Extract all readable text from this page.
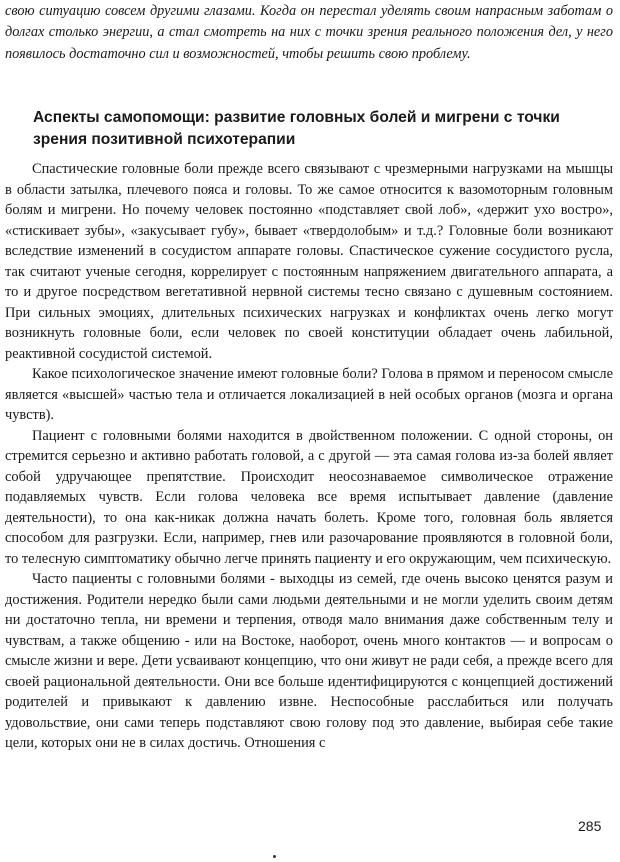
свою ситуацию совсем другими глазами. Когда он перестал уделять своим напрасным заботам о долгах столько энергии, а стал смотреть на них с точки зрения реального положения дел, у него появилось достаточно сил и возможностей, чтобы решить свою проблему.

Аспекты самопомощи: развитие головных болей и мигрени с точки зрения позитивной психотерапии

Спастические головные боли прежде всего связывают с чрезмерными нагрузками на мышцы в области затылка, плечевого пояса и головы. То же самое относится к вазомоторным головным болям и мигрени. Но почему человек постоянно «подставляет свой лоб», «держит ухо востро», «стискивает зубы», «закусывает губу», бывает «твердолобым» и т.д.? Головные боли возникают вследствие изменений в сосудистом аппарате головы. Спастическое сужение сосудистого русла, так считают ученые сегодня, коррелирует с постоянным напряжением двигательного аппарата, а то и другое посредством вегетативной нервной системы тесно связано с душевным состоянием. При сильных эмоциях, длительных психических нагрузках и конфликтах очень легко могут возникнуть головные боли, если человек по своей конституции обладает очень лабильной, реактивной сосудистой системой.

Какое психологическое значение имеют головные боли? Голова в прямом и переносом смысле является «высшей» частью тела и отличается локализацией в ней особых органов (мозга и органа чувств).

Пациент с головными болями находится в двойственном положении. С одной стороны, он стремится серьезно и активно работать головой, а с другой — эта самая голова из-за болей являет собой удручающее препятствие. Происходит неосознаваемое символическое отражение подавляемых чувств. Если голова человека все время испытывает давление (давление деятельности), то она как-никак должна начать болеть. Кроме того, головная боль является способом для разгрузки. Если, например, гнев или разочарование проявляются в головной боли, то телесную симптоматику обычно легче принять пациенту и его окружающим, чем психическую.

Часто пациенты с головными болями - выходцы из семей, где очень высоко ценятся разум и достижения. Родители нередко были сами людьми деятельными и не могли уделить своим детям ни достаточно тепла, ни времени и терпения, отводя мало внимания даже собственным телу и чувствам, а также общению - или на Востоке, наоборот, очень много контактов — и вопросам о смысле жизни и вере. Дети усваивают концепцию, что они живут не ради себя, а прежде всего для своей рациональной деятельности. Они все больше идентифицируются с концепцией достижений родителей и привыкают к давлению извне. Неспособные расслабиться или получать удовольствие, они сами теперь подставляют свою голову под это давление, выбирая себе такие цели, которых они не в силах достичь. Отношения с

285
